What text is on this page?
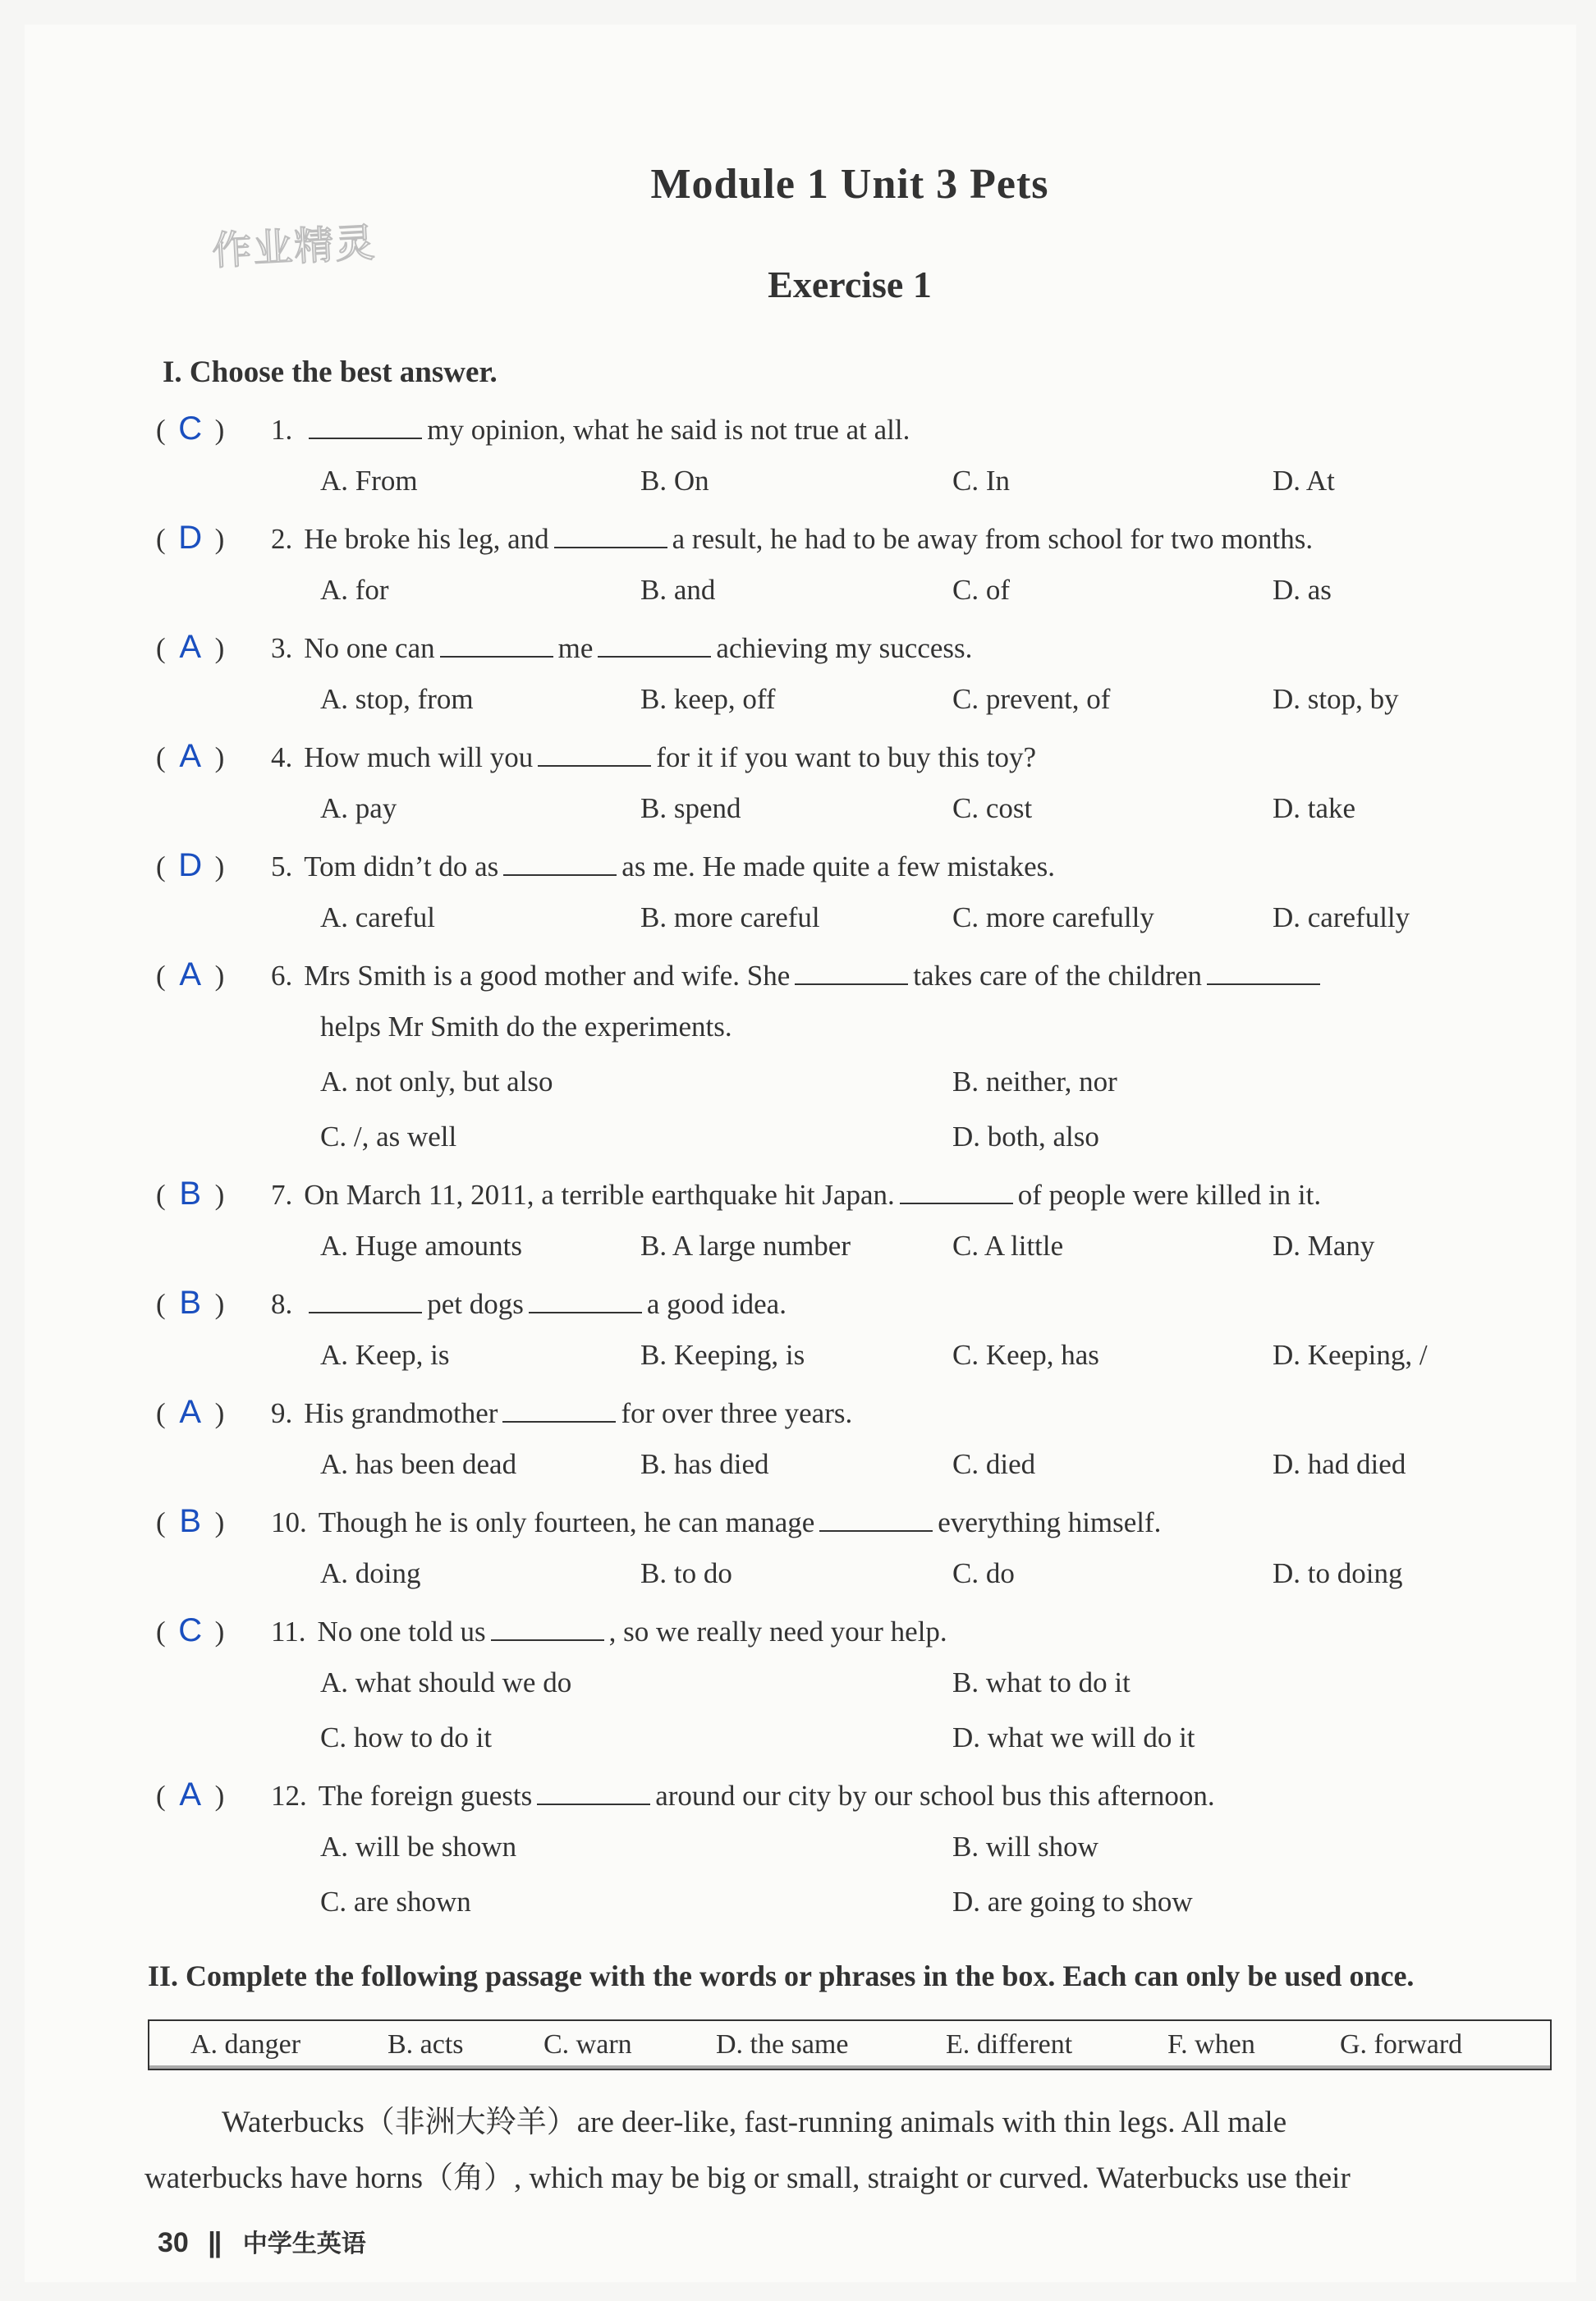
Module 1 Unit 3 Pets
Exercise 1
作业精灵
I. Choose the best answer.
( C ) 1.	my opinion, what he said is not true at all.
A. From	B. On	C. In	D. At
( D ) 2. He broke his leg, and	a result, he had to be away from school for two months.
A. for	B. and	C. of	D. as
( A ) 3. No one can	me	achieving my success.
A. stop, from	B. keep, off	C. prevent, of	D. stop, by
( A ) 4. How much will you	for it if you want to buy this toy?
A. pay	B. spend	C. cost	D. take
( D ) 5. Tom didn’t do as	as me. He made quite a few mistakes.
A. careful	B. more careful	C. more carefully	D. carefully
( A ) 6. Mrs Smith is a good mother and wife. She	takes care of the children
helps Mr Smith do the experiments.
A. not only, but also	B. neither, nor
C. /, as well	D. both, also
( B ) 7. On March 11, 2011, a terrible earthquake hit Japan.	of people were killed in it.
A. Huge amounts	B. A large number	C. A little	D. Many
( B ) 8.	pet dogs	a good idea.
A. Keep, is	B. Keeping, is	C. Keep, has	D. Keeping, /
( A ) 9. His grandmother	for over three years.
A. has been dead	B. has died	C. died	D. had died
( B ) 10. Though he is only fourteen, he can manage	everything himself.
A. doing	B. to do	C. do	D. to doing
( C ) 11. No one told us	, so we really need your help.
A. what should we do	B. what to do it
C. how to do it	D. what we will do it
( A ) 12. The foreign guests	around our city by our school bus this afternoon.
A. will be shown	B. will show
C. are shown	D. are going to show
II. Complete the following passage with the words or phrases in the box. Each can only be used once.
A. danger	B. acts	C. warn	D. the same	E. different	F. when	G. forward
Waterbucks（非洲大羚羊）are deer-like, fast-running animals with thin legs. All male
waterbucks have horns（角）, which may be big or small, straight or curved. Waterbucks use their
30 || 中学生英语
